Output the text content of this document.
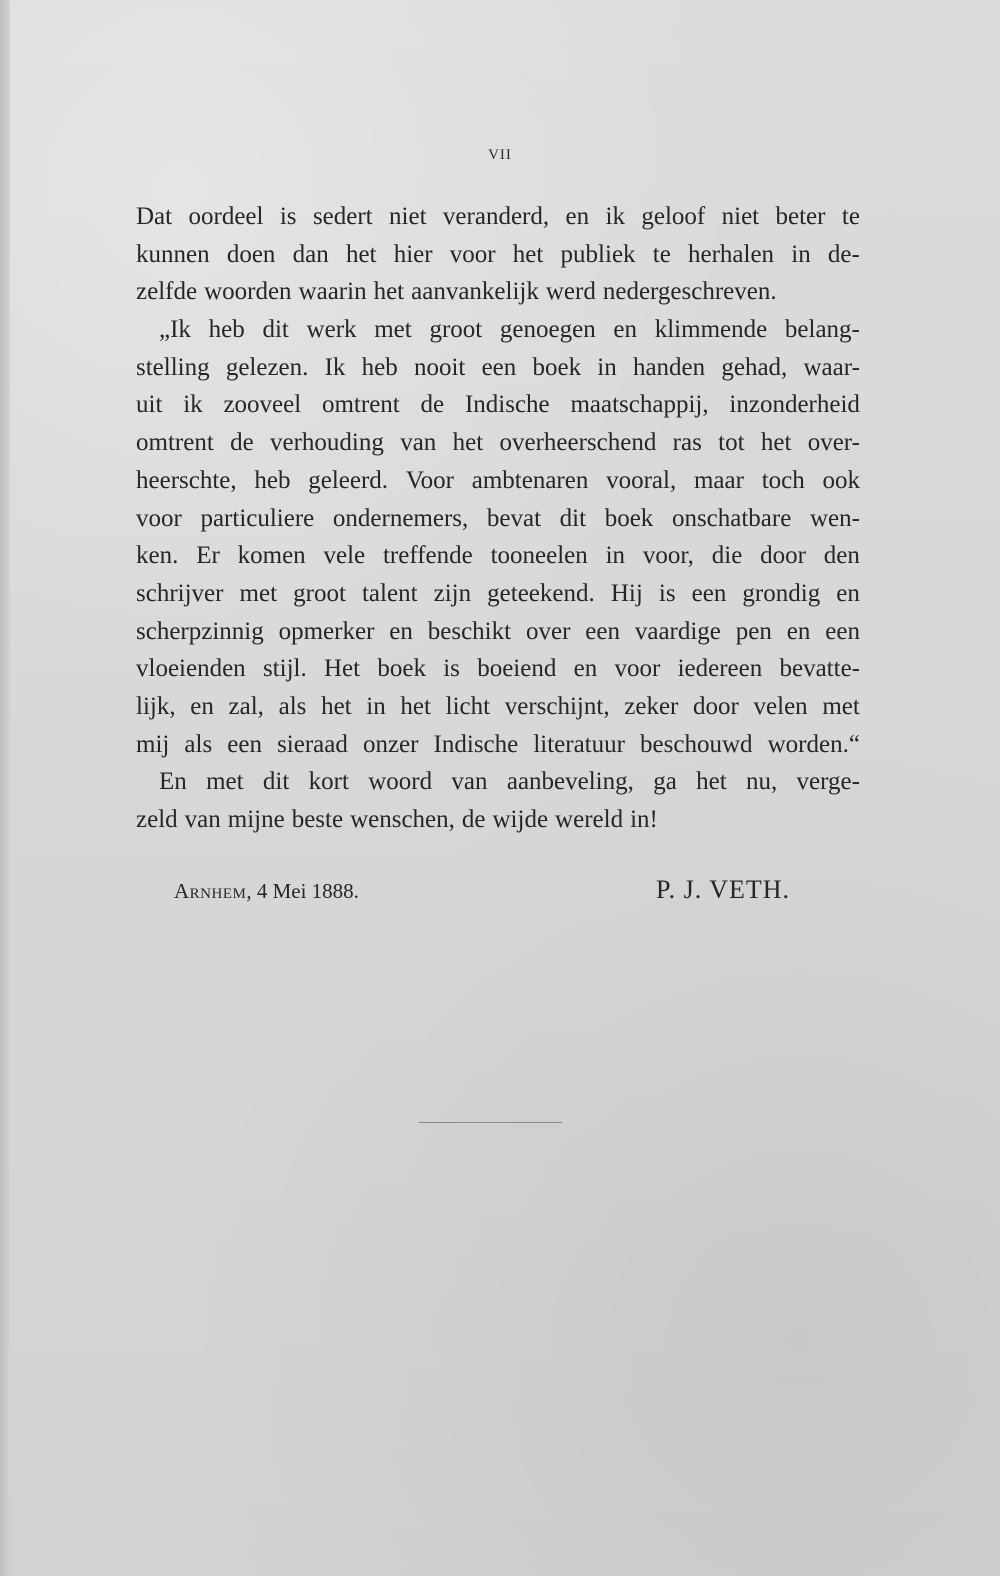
VII
Dat oordeel is sedert niet veranderd, en ik geloof niet beter te
kunnen doen dan het hier voor het publiek te herhalen in de-
zelfde woorden waarin het aanvankelijk werd nedergeschreven.
„Ik heb dit werk met groot genoegen en klimmende belang-
stelling gelezen. Ik heb nooit een boek in handen gehad, waar-
uit ik zooveel omtrent de Indische maatschappij, inzonderheid
omtrent de verhouding van het overheerschend ras tot het over-
heerschte, heb geleerd. Voor ambtenaren vooral, maar toch ook
voor particuliere ondernemers, bevat dit boek onschatbare wen-
ken. Er komen vele treffende tooneelen in voor, die door den
schrijver met groot talent zijn geteekend. Hij is een grondig en
scherpzinnig opmerker en beschikt over een vaardige pen en een
vloeienden stijl. Het boek is boeiend en voor iedereen bevatte-
lijk, en zal, als het in het licht verschijnt, zeker door velen met
mij als een sieraad onzer Indische literatuur beschouwd worden.“
En met dit kort woord van aanbeveling, ga het nu, verge-
zeld van mijne beste wenschen, de wijde wereld in!
Arnhem, 4 Mei 1888.	P. J. VETH.
